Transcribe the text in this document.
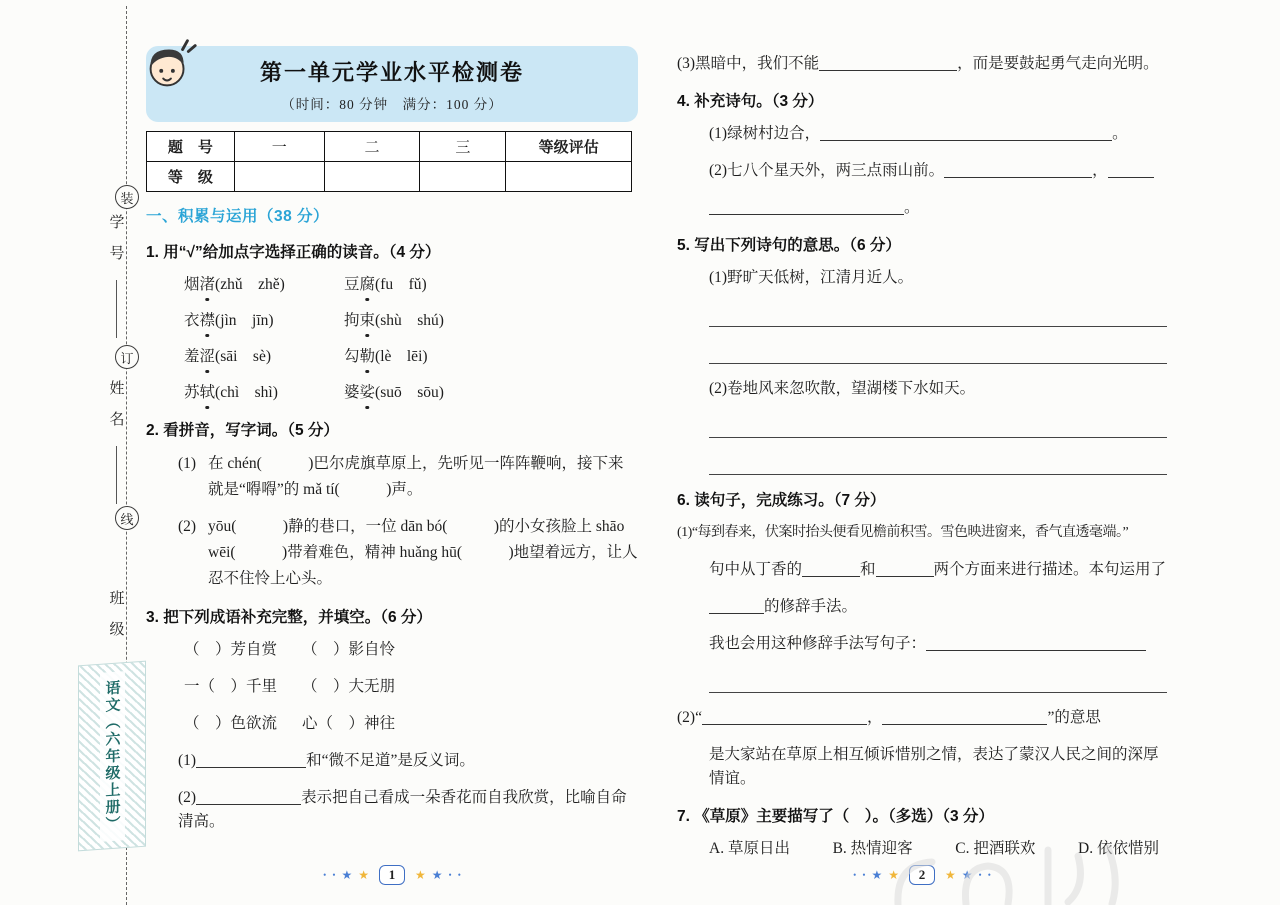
装
学号
订
姓名
线
班级
语文（六年级上册）
第一单元学业水平检测卷
（时间：80 分钟　满分：100 分）
题　号	一	二	三	等级评估
等　级				
一、积累与运用（38 分）
1. 用“√”给加点字选择正确的读音。（4 分）
烟渚(zhǔ　zhě)	豆腐(fu　fǔ)
衣襟(jìn　jīn)	拘束(shù　shú)
羞涩(sāi　sè)	勾勒(lè　lēi)
苏轼(chì　shì)	婆娑(suō　sōu)
2. 看拼音，写字词。（5 分）
(1) 在 chén(　　　)巴尔虎旗草原上，先听见一阵阵鞭响，接下来就是“嘚嘚”的 mǎ tí(　　　)声。
(2) yōu(　　　)静的巷口，一位 dān bó(　　　)的小女孩脸上 shāo wēi(　　　)带着难色，精神 huǎng hū(　　　)地望着远方，让人忍不住怜上心头。
3. 把下列成语补充完整，并填空。（6 分）
（　）芳自赏	（　）影自怜
一（　）千里	（　）大无朋
（　）色欲流	心（　）神往
(1)	和“微不足道”是反义词。
(2)	表示把自己看成一朵香花而自我欣赏，比喻自命清高。
(3)黑暗中，我们不能	，而是要鼓起勇气走向光明。
4. 补充诗句。（3 分）
(1)绿树村边合，	。
(2)七八个星天外，两三点雨山前。	，
。
5. 写出下列诗句的意思。（6 分）
(1)野旷天低树，江清月近人。
(2)卷地风来忽吹散，望湖楼下水如天。
6. 读句子，完成练习。（7 分）
(1)“每到春来，伏案时抬头便看见檐前积雪。雪色映进窗来，香气直透毫端。”
句中从丁香的	和	两个方面来进行描述。本句运用了
的修辞手法。
我也会用这种修辞手法写句子：
(2)“	，	”的意思
是大家站在草原上相互倾诉惜别之情，表达了蒙汉人民之间的深厚情谊。
7. 《草原》主要描写了（　）。（多选）（3 分）
A. 草原日出	B. 热情迎客	C. 把酒联欢	D. 依依惜别
• • ★ ★	1	★ ★ • •	• • ★ ★	2	★ ★ • •
